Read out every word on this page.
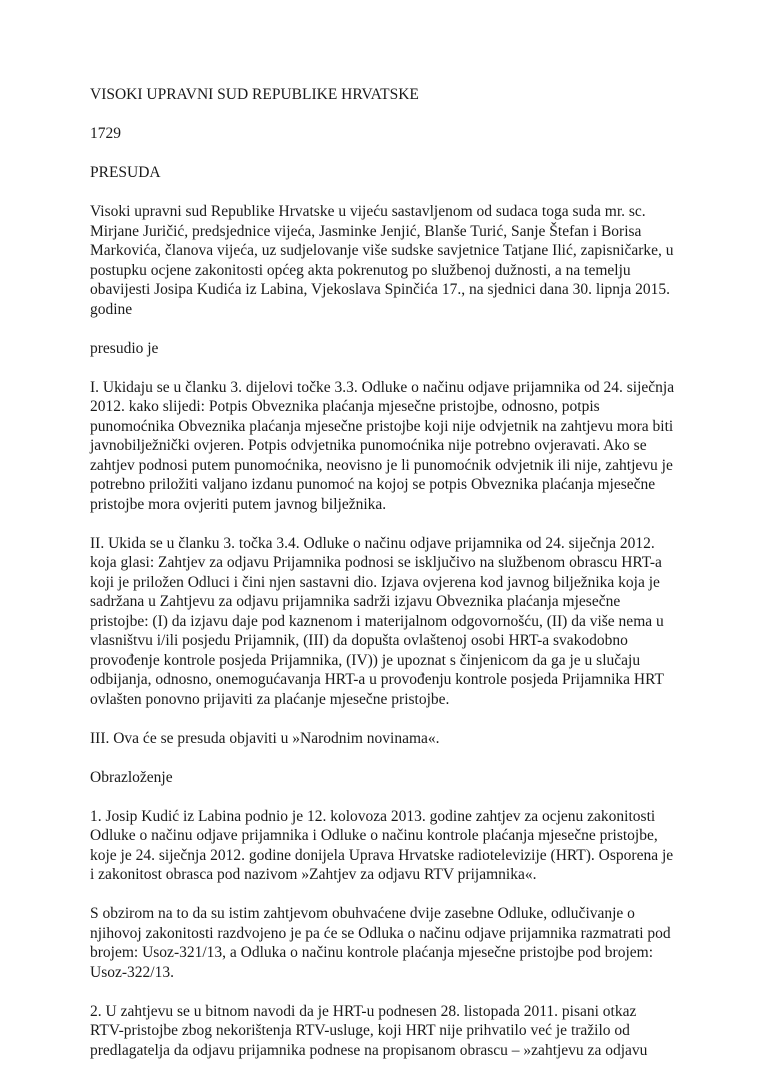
VISOKI UPRAVNI SUD REPUBLIKE HRVATSKE

1729

PRESUDA

Visoki upravni sud Republike Hrvatske u vijeću sastavljenom od sudaca toga suda mr. sc.
Mirjane Juričić, predsjednice vijeća, Jasminke Jenjić, Blanše Turić, Sanje Štefan i Borisa
Markovića, članova vijeća, uz sudjelovanje više sudske savjetnice Tatjane Ilić, zapisničarke, u
postupku ocjene zakonitosti općeg akta pokrenutog po službenoj dužnosti, a na temelju
obavijesti Josipa Kudića iz Labina, Vjekoslava Spinčića 17., na sjednici dana 30. lipnja 2015.
godine

presudio je

I. Ukidaju se u članku 3. dijelovi točke 3.3. Odluke o načinu odjave prijamnika od 24. siječnja
2012. kako slijedi: Potpis Obveznika plaćanja mjesečne pristojbe, odnosno, potpis
punomoćnika Obveznika plaćanja mjesečne pristojbe koji nije odvjetnik na zahtjevu mora biti
javnobilježnički ovjeren. Potpis odvjetnika punomoćnika nije potrebno ovjeravati. Ako se
zahtjev podnosi putem punomoćnika, neovisno je li punomoćnik odvjetnik ili nije, zahtjevu je
potrebno priložiti valjano izdanu punomoć na kojoj se potpis Obveznika plaćanja mjesečne
pristojbe mora ovjeriti putem javnog bilježnika.

II. Ukida se u članku 3. točka 3.4. Odluke o načinu odjave prijamnika od 24. siječnja 2012.
koja glasi: Zahtjev za odjavu Prijamnika podnosi se isključivo na službenom obrascu HRT-a
koji je priložen Odluci i čini njen sastavni dio. Izjava ovjerena kod javnog bilježnika koja je
sadržana u Zahtjevu za odjavu prijamnika sadrži izjavu Obveznika plaćanja mjesečne
pristojbe: (I) da izjavu daje pod kaznenom i materijalnom odgovornošću, (II) da više nema u
vlasništvu i/ili posjedu Prijamnik, (III) da dopušta ovlaštenoj osobi HRT-a svakodobno
provođenje kontrole posjeda Prijamnika, (IV)) je upoznat s činjenicom da ga je u slučaju
odbijanja, odnosno, onemogućavanja HRT-a u provođenju kontrole posjeda Prijamnika HRT
ovlašten ponovno prijaviti za plaćanje mjesečne pristojbe.

III. Ova će se presuda objaviti u »Narodnim novinama«.

Obrazloženje

1. Josip Kudić iz Labina podnio je 12. kolovoza 2013. godine zahtjev za ocjenu zakonitosti
Odluke o načinu odjave prijamnika i Odluke o načinu kontrole plaćanja mjesečne pristojbe,
koje je 24. siječnja 2012. godine donijela Uprava Hrvatske radiotelevizije (HRT). Osporena je
i zakonitost obrasca pod nazivom »Zahtjev za odjavu RTV prijamnika«.

S obzirom na to da su istim zahtjevom obuhvaćene dvije zasebne Odluke, odlučivanje o
njihovoj zakonitosti razdvojeno je pa će se Odluka o načinu odjave prijamnika razmatrati pod
brojem: Usoz-321/13, a Odluka o načinu kontrole plaćanja mjesečne pristojbe pod brojem:
Usoz-322/13.

2. U zahtjevu se u bitnom navodi da je HRT-u podnesen 28. listopada 2011. pisani otkaz
RTV-pristojbe zbog nekorištenja RTV-usluge, koji HRT nije prihvatilo već je tražilo od
predlagatelja da odjavu prijamnika podnese na propisanom obrascu – »zahtjevu za odjavu
